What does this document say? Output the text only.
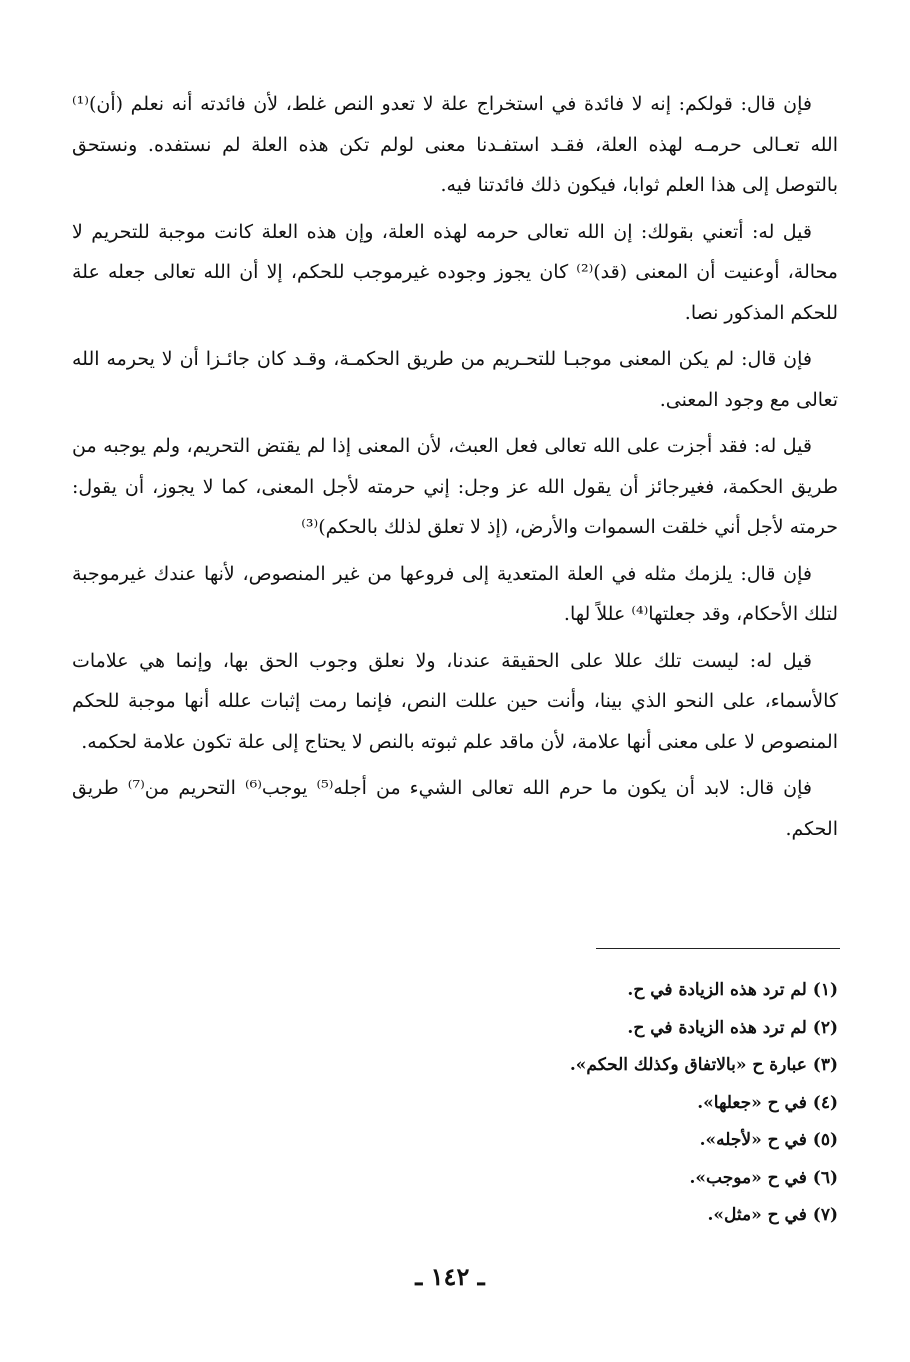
فإن قال: قولكم: إنه لا فائدة في استخراج علة لا تعدو النص غلط، لأن فائدته أنه نعلم (أن)⁽¹⁾ الله تعـالى حرمـه لهذه العلة، فقـد استفـدنا معنى لولم تكن هذه العلة لم نستفده. ونستحق بالتوصل إلى هذا العلم ثوابا، فيكون ذلك فائدتنا فيه.

قيل له: أتعني بقولك: إن الله تعالى حرمه لهذه العلة، وإن هذه العلة كانت موجبة للتحريم لا محالة، أوعنيت أن المعنى (قد)⁽²⁾ كان يجوز وجوده غيرموجب للحكم، إلا أن الله تعالى جعله علة للحكم المذكور نصا.

فإن قال: لم يكن المعنى موجبـا للتحـريم من طريق الحكمـة، وقـد كان جائـزا أن لا يحرمه الله تعالى مع وجود المعنى.

قيل له: فقد أجزت على الله تعالى فعل العبث، لأن المعنى إذا لم يقتض التحريم، ولم يوجبه من طريق الحكمة، فغيرجائز أن يقول الله عز وجل: إني حرمته لأجل المعنى، كما لا يجوز، أن يقول: حرمته لأجل أني خلقت السموات والأرض، (إذ لا تعلق لذلك بالحكم)⁽³⁾

فإن قال: يلزمك مثله في العلة المتعدية إلى فروعها من غير المنصوص، لأنها عندك غيرموجبة لتلك الأحكام، وقد جعلتها⁽⁴⁾ عللاً لها.

قيل له: ليست تلك عللا على الحقيقة عندنا، ولا نعلق وجوب الحق بها، وإنما هي علامات كالأسماء، على النحو الذي بينا، وأنت حين عللت النص، فإنما رمت إثبات علله أنها موجبة للحكم المنصوص لا على معنى أنها علامة، لأن ماقد علم ثبوته بالنص لا يحتاج إلى علة تكون علامة لحكمه.

فإن قال: لابد أن يكون ما حرم الله تعالى الشيء من أجله⁽⁵⁾ يوجب⁽⁶⁾ التحريم من⁽⁷⁾ طريق الحكم.

(١) لم ترد هذه الزيادة في ح.

(٢) لم ترد هذه الزيادة في ح.

(٣) عبارة ح «بالاتفاق وكذلك الحكم».

(٤) في ح «جعلها».

(٥) في ح «لأجله».

(٦) في ح «موجب».

(٧) في ح «مثل».

ـ ١٤٢ ـ
